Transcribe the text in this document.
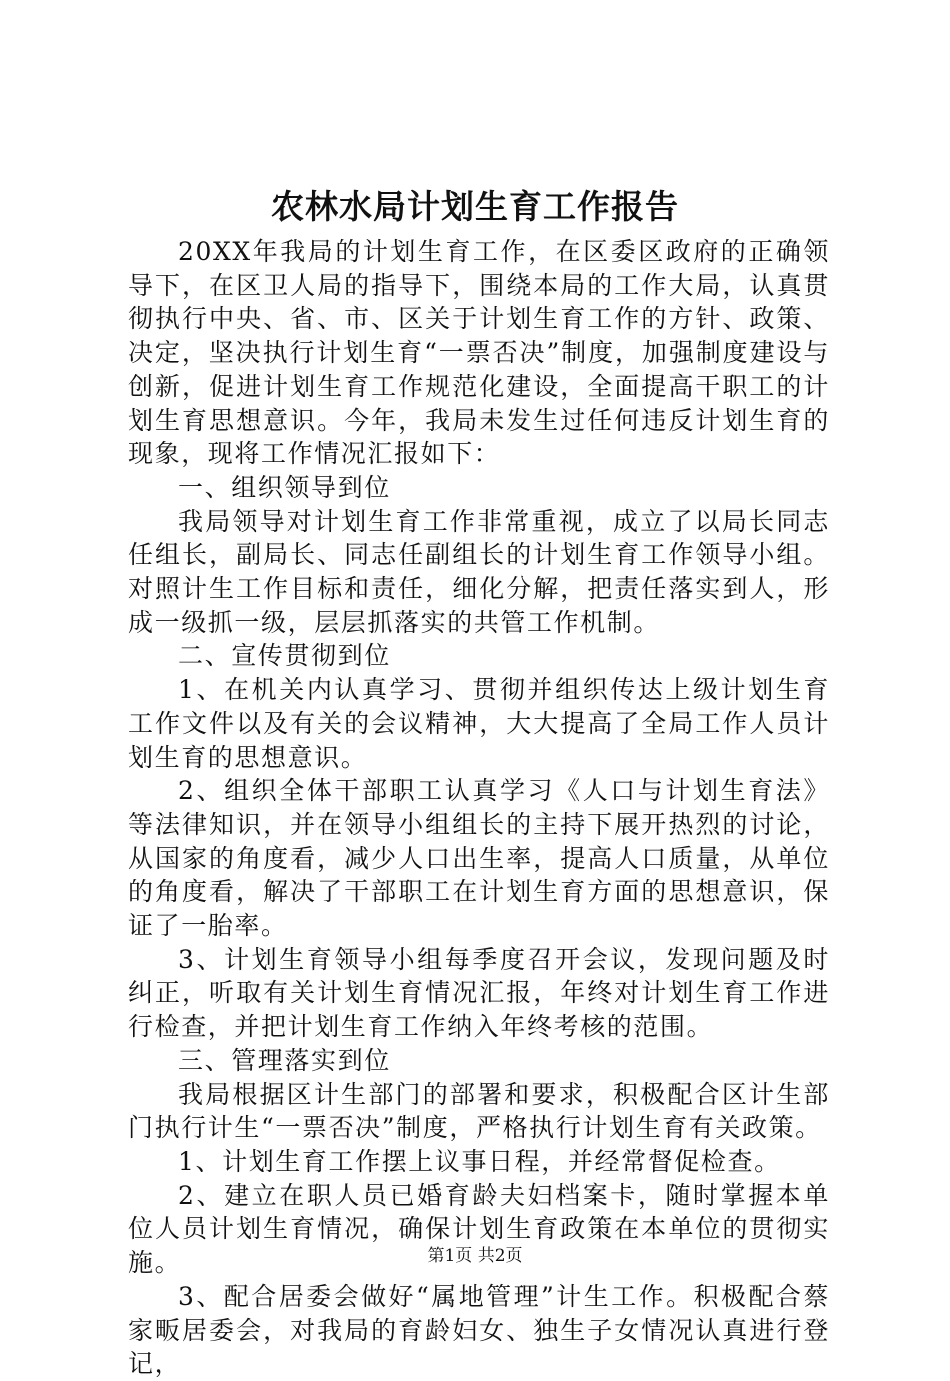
农林水局计划生育工作报告

20XX年我局的计划生育工作，在区委区政府的正确领导下，在区卫人局的指导下，围绕本局的工作大局，认真贯彻执行中央、省、市、区关于计划生育工作的方针、政策、决定，坚决执行计划生育“一票否决”制度，加强制度建设与创新，促进计划生育工作规范化建设，全面提高干职工的计划生育思想意识。今年，我局未发生过任何违反计划生育的现象，现将工作情况汇报如下：

一、组织领导到位

我局领导对计划生育工作非常重视，成立了以局长同志任组长，副局长、同志任副组长的计划生育工作领导小组。对照计生工作目标和责任，细化分解，把责任落实到人，形成一级抓一级，层层抓落实的共管工作机制。

二、宣传贯彻到位

1、在机关内认真学习、贯彻并组织传达上级计划生育工作文件以及有关的会议精神，大大提高了全局工作人员计划生育的思想意识。

2、组织全体干部职工认真学习《人口与计划生育法》等法律知识，并在领导小组组长的主持下展开热烈的讨论，从国家的角度看，减少人口出生率，提高人口质量，从单位的角度看，解决了干部职工在计划生育方面的思想意识，保证了一胎率。

3、计划生育领导小组每季度召开会议，发现问题及时纠正，听取有关计划生育情况汇报，年终对计划生育工作进行检查，并把计划生育工作纳入年终考核的范围。

三、管理落实到位

我局根据区计生部门的部署和要求，积极配合区计生部门执行计生“一票否决”制度，严格执行计划生育有关政策。

1、计划生育工作摆上议事日程，并经常督促检查。

2、建立在职人员已婚育龄夫妇档案卡，随时掌握本单位人员计划生育情况，确保计划生育政策在本单位的贯彻实施。

3、配合居委会做好“属地管理”计生工作。积极配合蔡家畈居委会，对我局的育龄妇女、独生子女情况认真进行登记，

第1页 共2页
